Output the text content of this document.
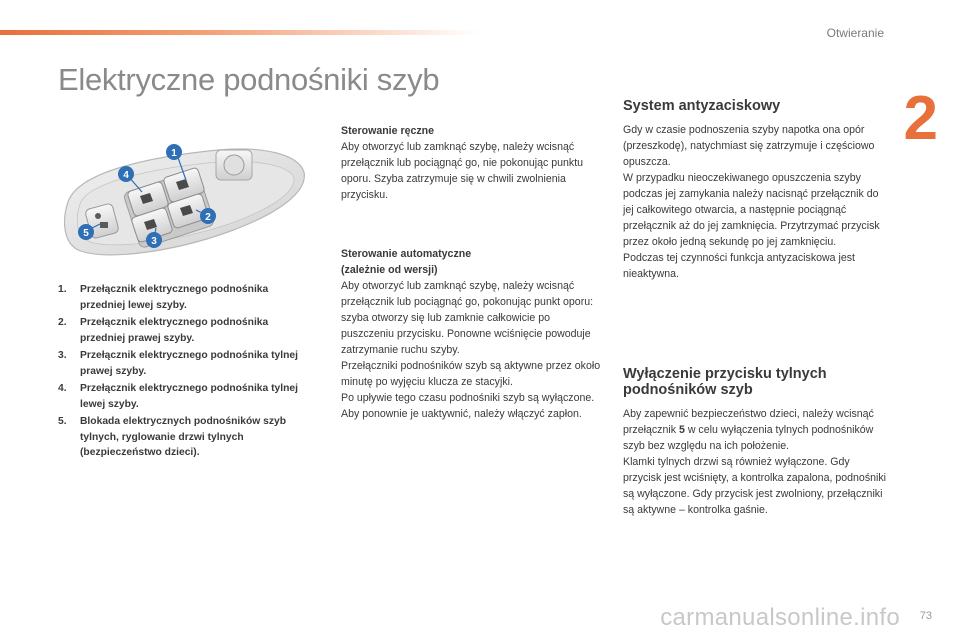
Otwieranie
2
Elektryczne podnośniki szyb
1
2
3
4
5
1.	Przełącznik elektrycznego podnośnika przedniej lewej szyby.
2.	Przełącznik elektrycznego podnośnika przedniej prawej szyby.
3.	Przełącznik elektrycznego podnośnika tylnej prawej szyby.
4.	Przełącznik elektrycznego podnośnika tylnej lewej szyby.
5.	Blokada elektrycznych podnośników szyb tylnych, ryglowanie drzwi tylnych (bezpieczeństwo dzieci).

Sterowanie ręczne

Aby otworzyć lub zamknąć szybę, należy wcisnąć przełącznik lub pociągnąć go, nie pokonując punktu oporu. Szyba zatrzymuje się w chwili zwolnienia przycisku.

Sterowanie automatyczne

(zależnie od wersji)

Aby otworzyć lub zamknąć szybę, należy wcisnąć przełącznik lub pociągnąć go, pokonując punkt oporu: szyba otworzy się lub zamknie całkowicie po puszczeniu przycisku. Ponowne wciśnięcie powoduje zatrzymanie ruchu szyby.

Przełączniki podnośników szyb są aktywne przez około minutę po wyjęciu klucza ze stacyjki.

Po upływie tego czasu podnośniki szyb są wyłączone. Aby ponownie je uaktywnić, należy włączyć zapłon.

System antyzaciskowy

Gdy w czasie podnoszenia szyby napotka ona opór (przeszkodę), natychmiast się zatrzymuje i częściowo opuszcza.

W przypadku nieoczekiwanego opuszczenia szyby podczas jej zamykania należy nacisnąć przełącznik do jej całkowitego otwarcia, a następnie pociągnąć przełącznik aż do jej zamknięcia. Przytrzymać przycisk przez około jedną sekundę po jej zamknięciu.

Podczas tej czynności funkcja antyzaciskowa jest nieaktywna.

Wyłączenie przycisku tylnych
podnośników szyb

Aby zapewnić bezpieczeństwo dzieci, należy wcisnąć przełącznik 5 w celu wyłączenia tylnych podnośników szyb bez względu na ich położenie.

Klamki tylnych drzwi są również wyłączone. Gdy przycisk jest wciśnięty, a kontrolka zapalona, podnośniki są wyłączone. Gdy przycisk jest zwolniony, przełączniki są aktywne – kontrolka gaśnie.

carmanualsonline.info 73
